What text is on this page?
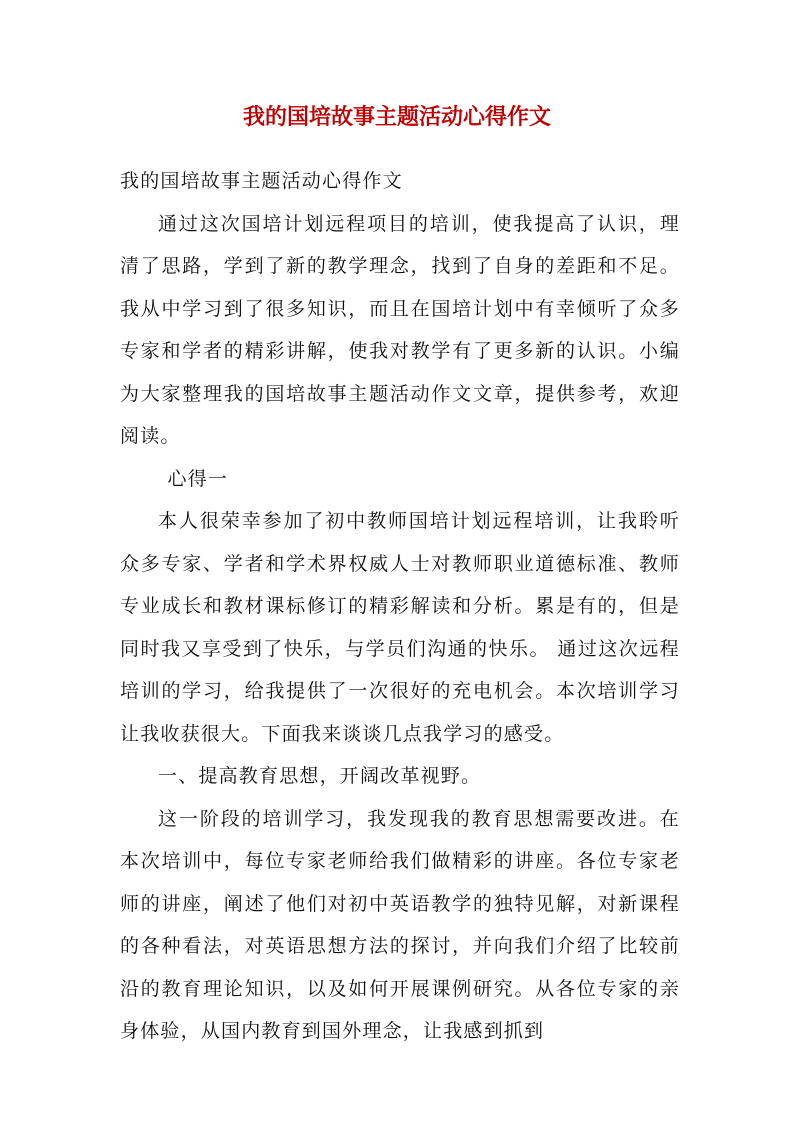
我的国培故事主题活动心得作文

我的国培故事主题活动心得作文

通过这次国培计划远程项目的培训，使我提高了认识，理清了思路，学到了新的教学理念，找到了自身的差距和不足。我从中学习到了很多知识，而且在国培计划中有幸倾听了众多专家和学者的精彩讲解，使我对教学有了更多新的认识。小编为大家整理我的国培故事主题活动作文文章，提供参考，欢迎阅读。

心得一

本人很荣幸参加了初中教师国培计划远程培训，让我聆听众多专家、学者和学术界权威人士对教师职业道德标准、教师专业成长和教材课标修订的精彩解读和分析。累是有的，但是同时我又享受到了快乐，与学员们沟通的快乐。 通过这次远程培训的学习，给我提供了一次很好的充电机会。本次培训学习让我收获很大。下面我来谈谈几点我学习的感受。

一、提高教育思想，开阔改革视野。

这一阶段的培训学习，我发现我的教育思想需要改进。在本次培训中，每位专家老师给我们做精彩的讲座。各位专家老师的讲座，阐述了他们对初中英语教学的独特见解，对新课程的各种看法，对英语思想方法的探讨，并向我们介绍了比较前沿的教育理论知识，以及如何开展课例研究。从各位专家的亲身体验，从国内教育到国外理念，让我感到抓到
